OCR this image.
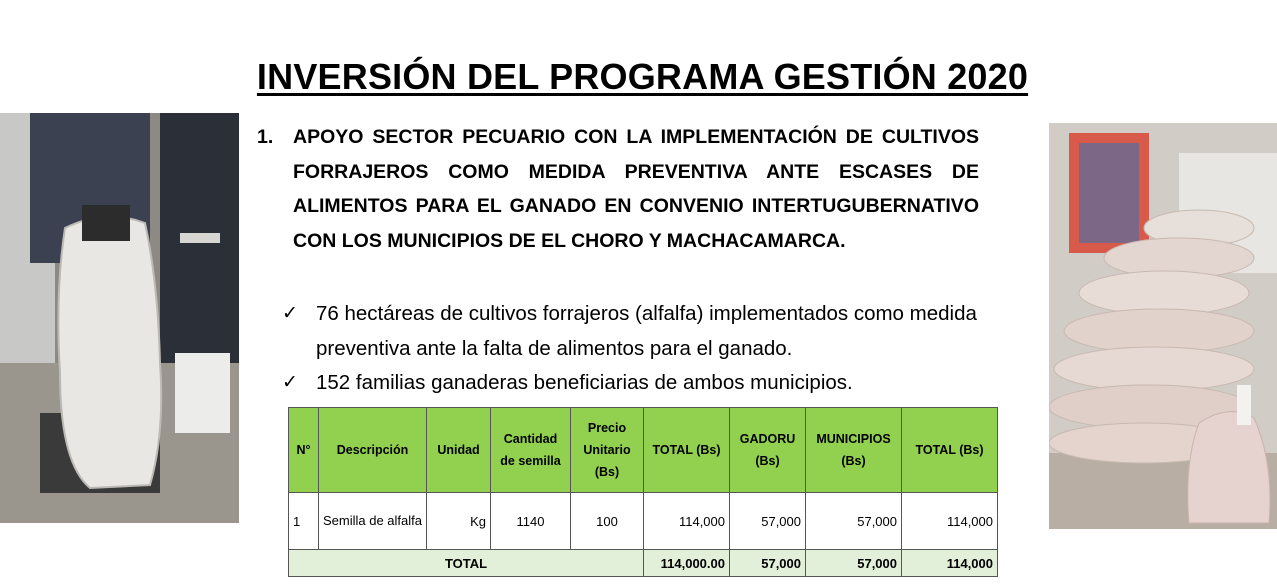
INVERSIÓN DEL PROGRAMA GESTIÓN 2020
1. APOYO SECTOR PECUARIO CON LA IMPLEMENTACIÓN DE CULTIVOS FORRAJEROS COMO MEDIDA PREVENTIVA ANTE ESCASES DE ALIMENTOS PARA EL GANADO EN CONVENIO INTERTUGUBERNATIVO CON LOS MUNICIPIOS DE EL CHORO Y MACHACAMARCA.
✓ 76 hectáreas de cultivos forrajeros (alfalfa) implementados como medida preventiva ante la falta de alimentos para el ganado.
✓ 152 familias ganaderas beneficiarias de ambos municipios.
N°	Descripción	Unidad	Cantidad de semilla	Precio Unitario (Bs)	TOTAL (Bs)	GADORU (Bs)	MUNICIPIOS (Bs)	TOTAL (Bs)
1	Semilla de alfalfa	Kg	1140	100	114,000	57,000	57,000	114,000
TOTAL					114,000.00	57,000	57,000	114,000
